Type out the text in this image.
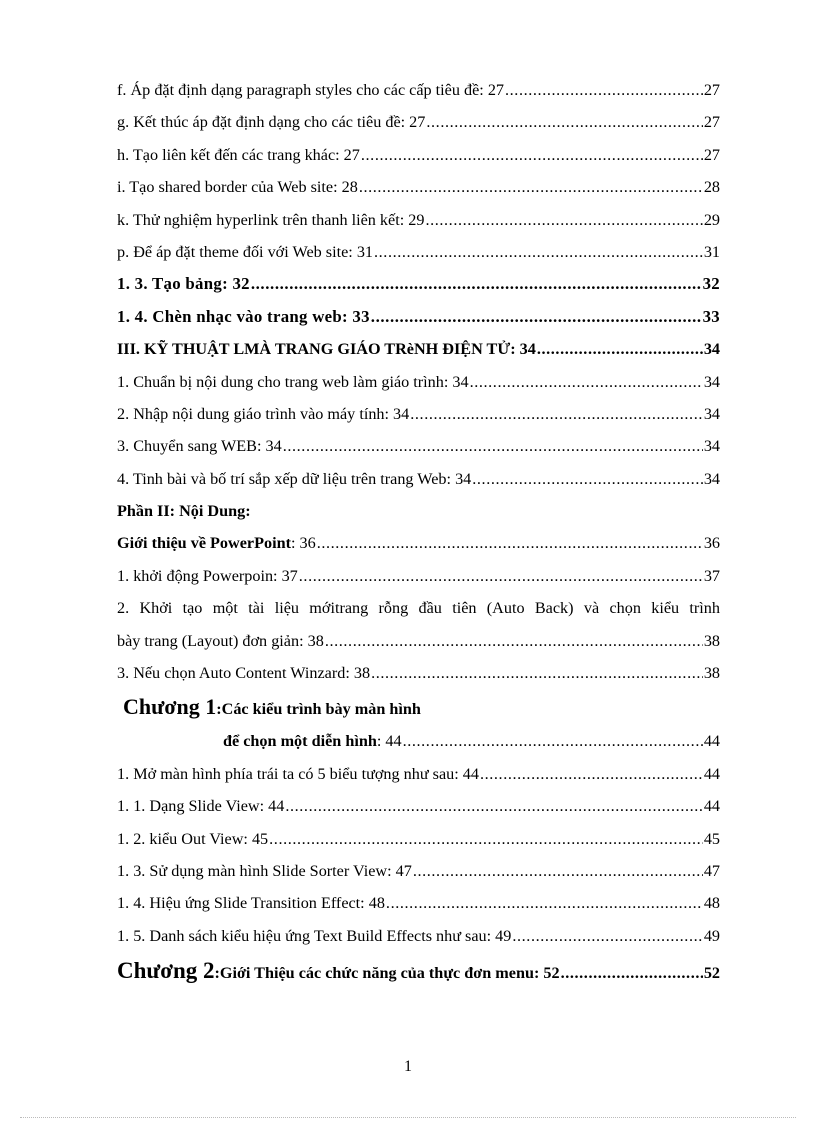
f. Áp đặt định dạng paragraph styles cho các cấp tiêu đề: 27 .....	27
g. Kết thúc áp đặt định dạng cho các tiêu đề: 27 .....	27
h. Tạo liên kết đến các trang khác: 27 .....	27
i. Tạo shared border của Web site: 28 .....	28
k. Thử nghiệm hyperlink trên thanh liên kết: 29 .....	29
p. Để áp đặt theme đối với Web site: 31 .....	31
1. 3. Tạo bảng: 32 .....	32
1. 4. Chèn nhạc vào trang web: 33 .....	33
III. KỸ THUẬT LMÀ TRANG GIÁO TRèNH ĐIỆN TỬ: 34 .....	34
1. Chuẩn bị nội dung cho trang web làm giáo trình: 34 .....	34
2. Nhập nội dung giáo trình vào máy tính: 34 .....	34
3. Chuyển sang WEB: 34 .....	34
4. Tinh bài và bố trí sắp xếp dữ liệu trên trang Web: 34 .....	34
Phần II: Nội Dung:
Giới thiệu về PowerPoint: 36 .....	36
1. khởi động Powerpoin: 37 .....	37
2. Khởi tạo một tài liệu mớitrang rỗng đầu tiên (Auto Back) và chọn kiểu trình
bày trang (Layout) đơn giản: 38 .....	38
3. Nếu chọn Auto Content Winzard: 38 .....	38
Chương 1:Các kiểu trình bày màn hình
để chọn một diễn hình: 44 .....	44
1. Mở màn hình phía trái ta có 5 biểu tượng như sau: 44 .....	44
1. 1. Dạng Slide View: 44 .....	44
1. 2. kiểu Out View: 45 .....	45
1. 3. Sử dụng màn hình Slide Sorter View: 47 .....	47
1. 4. Hiệu ứng Slide Transition Effect: 48 .....	48
1. 5. Danh sách kiểu hiệu ứng Text Build Effects như sau: 49 .....	49
Chương 2:Giới Thiệu các chức năng của thực đơn menu: 52 .....	52
1
